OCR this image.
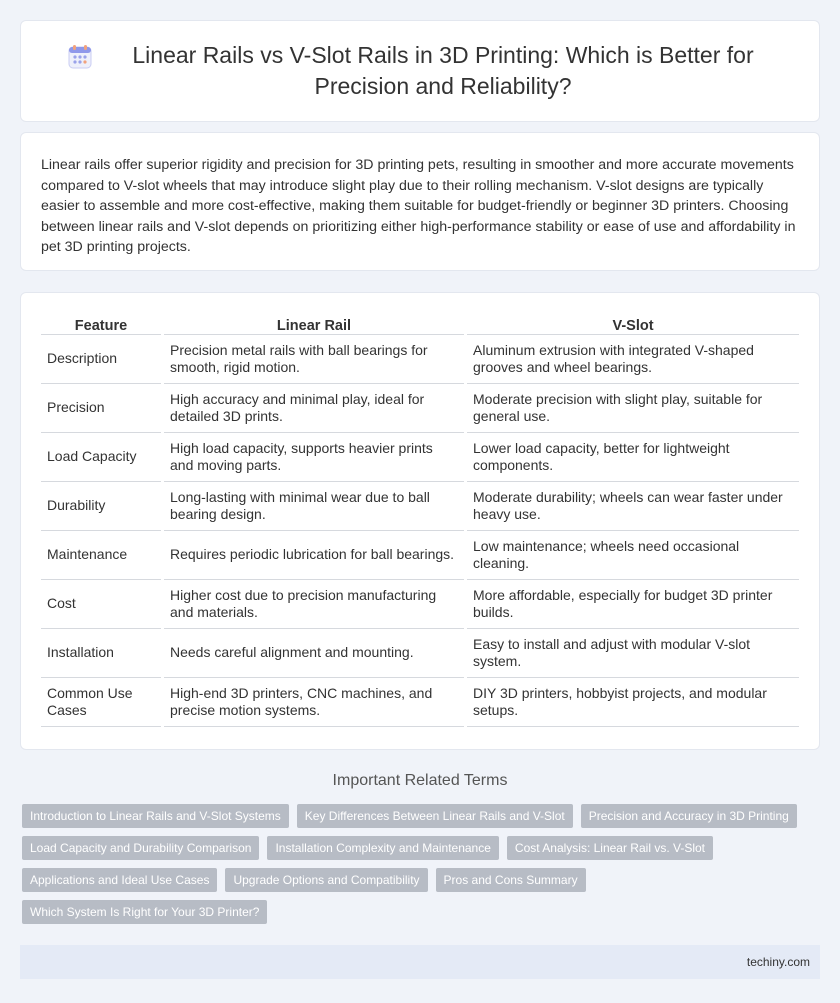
Linear Rails vs V-Slot Rails in 3D Printing: Which is Better for Precision and Reliability?

Linear rails offer superior rigidity and precision for 3D printing pets, resulting in smoother and more accurate movements compared to V-slot wheels that may introduce slight play due to their rolling mechanism. V-slot designs are typically easier to assemble and more cost-effective, making them suitable for budget-friendly or beginner 3D printers. Choosing between linear rails and V-slot depends on prioritizing either high-performance stability or ease of use and affordability in pet 3D printing projects.

Feature	Linear Rail	V-Slot
Description	Precision metal rails with ball bearings for smooth, rigid motion.	Aluminum extrusion with integrated V-shaped grooves and wheel bearings.
Precision	High accuracy and minimal play, ideal for detailed 3D prints.	Moderate precision with slight play, suitable for general use.
Load Capacity	High load capacity, supports heavier prints and moving parts.	Lower load capacity, better for lightweight components.
Durability	Long-lasting with minimal wear due to ball bearing design.	Moderate durability; wheels can wear faster under heavy use.
Maintenance	Requires periodic lubrication for ball bearings.	Low maintenance; wheels need occasional cleaning.
Cost	Higher cost due to precision manufacturing and materials.	More affordable, especially for budget 3D printer builds.
Installation	Needs careful alignment and mounting.	Easy to install and adjust with modular V-slot system.
Common Use Cases	High-end 3D printers, CNC machines, and precise motion systems.	DIY 3D printers, hobbyist projects, and modular setups.
Important Related Terms
Introduction to Linear Rails and V-Slot Systems	Key Differences Between Linear Rails and V-Slot	Precision and Accuracy in 3D Printing
Load Capacity and Durability Comparison	Installation Complexity and Maintenance	Cost Analysis: Linear Rail vs. V-Slot
Applications and Ideal Use Cases	Upgrade Options and Compatibility	Pros and Cons Summary
Which System Is Right for Your 3D Printer?
techiny.com
